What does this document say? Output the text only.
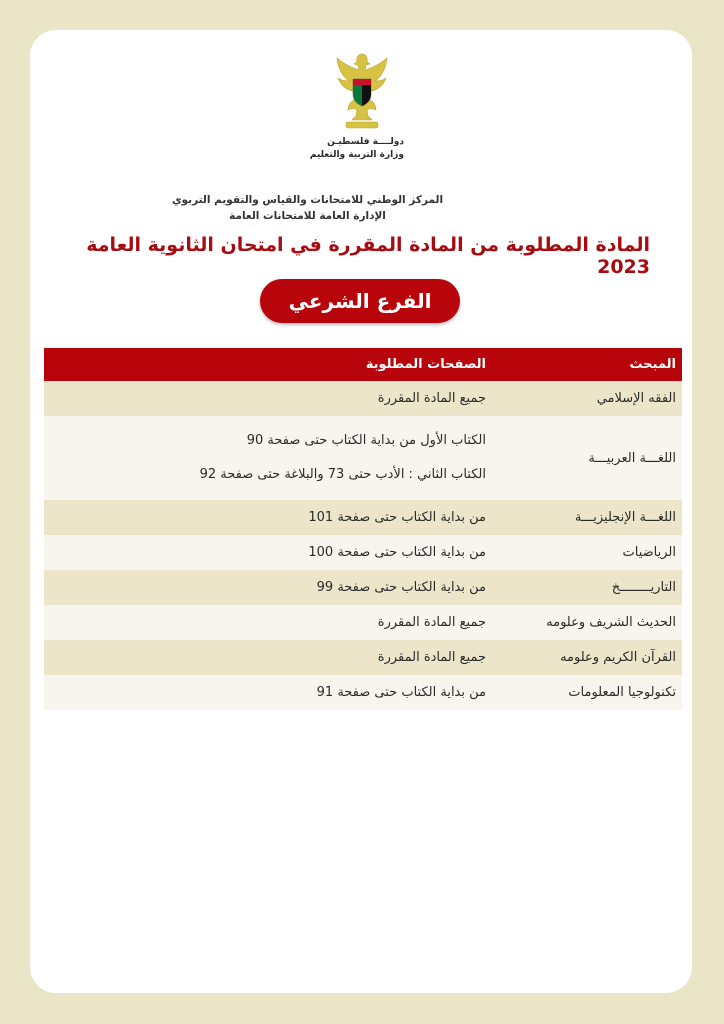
دولــــة فلسطيـن
وزارة التربية والتعليم
المركز الوطني للامتحانات والقياس والتقويم التربوي
الإدارة العامة للامتحانات العامة
المادة المطلوبة من المادة المقررة في امتحان الثانوية العامة 2023
الفرع الشرعي
المبحث
الصفحات المطلوبة
الفقه الإسلامي
جميع المادة المقررة
اللغـــة العربيـــة
الكتاب الأول من بداية الكتاب حتى صفحة 90
الكتاب الثاني : الأدب حتى 73 والبلاغة حتى صفحة 92
اللغـــة الإنجليزيـــة
من بداية الكتاب حتى صفحة 101
الرياضيات
من بداية الكتاب حتى صفحة 100
التاريــــــــخ
من بداية الكتاب حتى صفحة 99
الحديث الشريف وعلومه
جميع المادة المقررة
القرآن الكريم وعلومه
جميع المادة المقررة
تكنولوجيا المعلومات
من بداية الكتاب حتى صفحة 91
